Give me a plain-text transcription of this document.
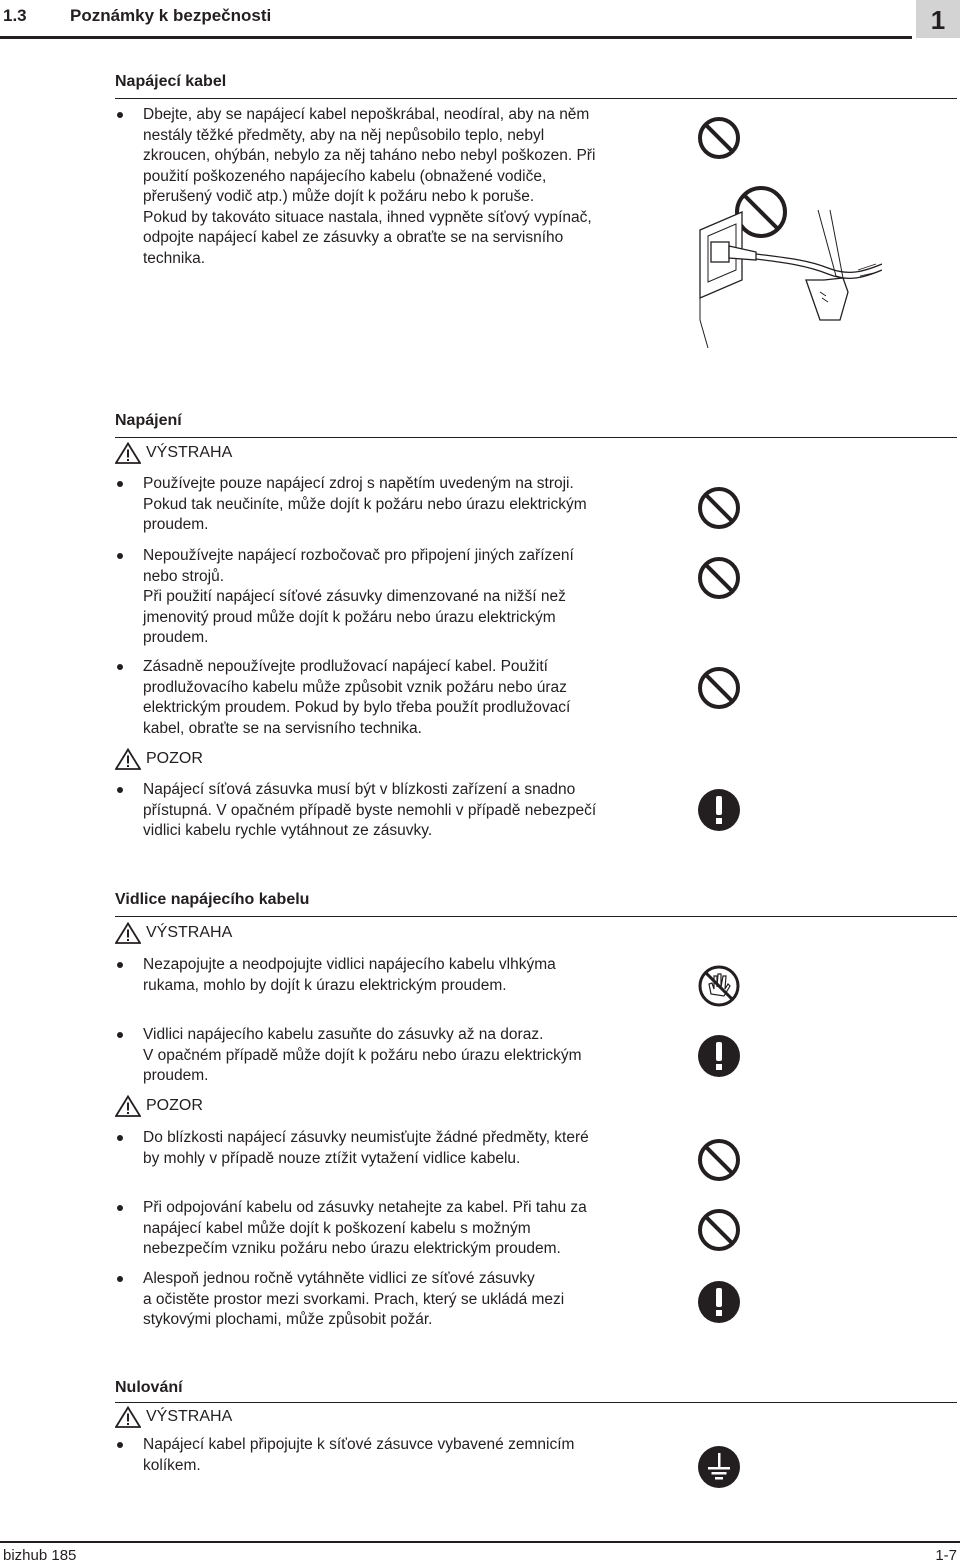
1.3	Poznámky k bezpečnosti	1
Napájecí kabel

Dbejte, aby se napájecí kabel nepoškrábal, neodíral, aby na něm

nestály těžké předměty, aby na něj nepůsobilo teplo, nebyl

zkroucen, ohýbán, nebylo za něj taháno nebo nebyl poškozen. Při

použití poškozeného napájecího kabelu (obnažené vodiče,

přerušený vodič atp.) může dojít k požáru nebo k poruše.

Pokud by takováto situace nastala, ihned vypněte síťový vypínač,

odpojte napájecí kabel ze zásuvky a obraťte se na servisního

technika.

Napájení
VÝSTRAHA

Používejte pouze napájecí zdroj s napětím uvedeným na stroji.

Pokud tak neučiníte, může dojít k požáru nebo úrazu elektrickým

proudem.

Nepoužívejte napájecí rozbočovač pro připojení jiných zařízení

nebo strojů.

Při použití napájecí síťové zásuvky dimenzované na nižší než

jmenovitý proud může dojít k požáru nebo úrazu elektrickým

proudem.

Zásadně nepoužívejte prodlužovací napájecí kabel. Použití

prodlužovacího kabelu může způsobit vznik požáru nebo úraz

elektrickým proudem. Pokud by bylo třeba použít prodlužovací

kabel, obraťte se na servisního technika.

POZOR

Napájecí síťová zásuvka musí být v blízkosti zařízení a snadno

přístupná. V opačném případě byste nemohli v případě nebezpečí

vidlici kabelu rychle vytáhnout ze zásuvky.

Vidlice napájecího kabelu
VÝSTRAHA

Nezapojujte a neodpojujte vidlici napájecího kabelu vlhkýma

rukama, mohlo by dojít k úrazu elektrickým proudem.

Vidlici napájecího kabelu zasuňte do zásuvky až na doraz.

V opačném případě může dojít k požáru nebo úrazu elektrickým

proudem.

POZOR

Do blízkosti napájecí zásuvky neumisťujte žádné předměty, které

by mohly v případě nouze ztížit vytažení vidlice kabelu.

Při odpojování kabelu od zásuvky netahejte za kabel. Při tahu za

napájecí kabel může dojít k poškození kabelu s možným

nebezpečím vzniku požáru nebo úrazu elektrickým proudem.

Alespoň jednou ročně vytáhněte vidlici ze síťové zásuvky

a očistěte prostor mezi svorkami. Prach, který se ukládá mezi

stykovými plochami, může způsobit požár.

Nulování
VÝSTRAHA

Napájecí kabel připojujte k síťové zásuvce vybavené zemnicím

kolíkem.

bizhub 185	1-7
